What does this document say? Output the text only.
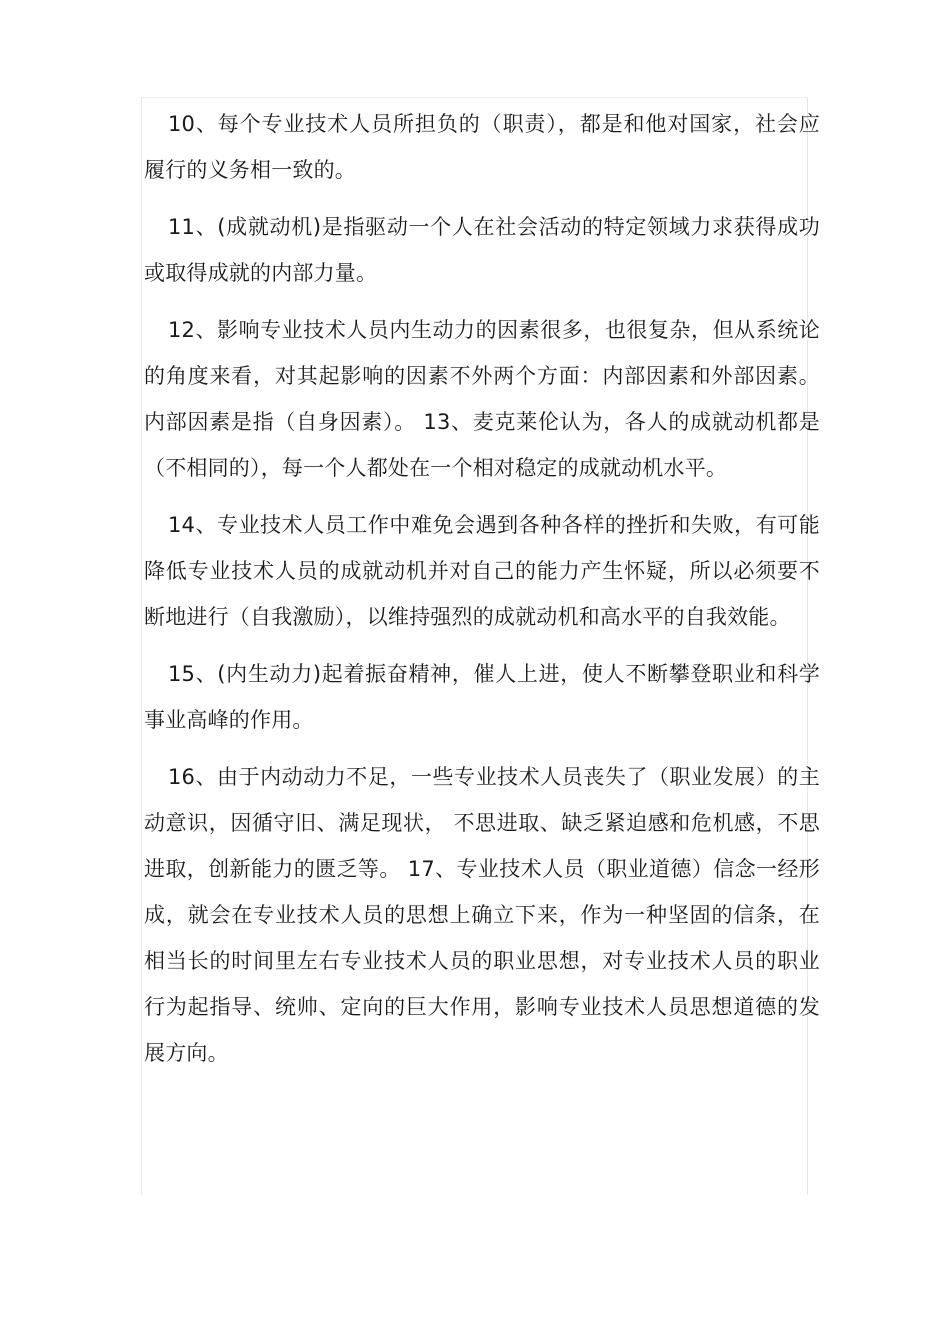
10、每个专业技术人员所担负的（职责），都是和他对国家，社会应履行的义务相一致的。

11、(成就动机)是指驱动一个人在社会活动的特定领域力求获得成功或取得成就的内部力量。

12、影响专业技术人员内生动力的因素很多，也很复杂，但从系统论的角度来看，对其起影响的因素不外两个方面：内部因素和外部因素。内部因素是指（自身因素）。 13、麦克莱伦认为，各人的成就动机都是（不相同的），每一个人都处在一个相对稳定的成就动机水平。

14、专业技术人员工作中难免会遇到各种各样的挫折和失败，有可能降低专业技术人员的成就动机并对自己的能力产生怀疑，所以必须要不断地进行（自我激励），以维持强烈的成就动机和高水平的自我效能。

15、(内生动力)起着振奋精神，催人上进，使人不断攀登职业和科学事业高峰的作用。

16、由于内动动力不足，一些专业技术人员丧失了（职业发展）的主动意识，因循守旧、满足现状， 不思进取、缺乏紧迫感和危机感，不思进取，创新能力的匮乏等。 17、专业技术人员（职业道德）信念一经形成，就会在专业技术人员的思想上确立下来，作为一种坚固的信条，在相当长的时间里左右专业技术人员的职业思想，对专业技术人员的职业行为起指导、统帅、定向的巨大作用，影响专业技术人员思想道德的发展方向。
